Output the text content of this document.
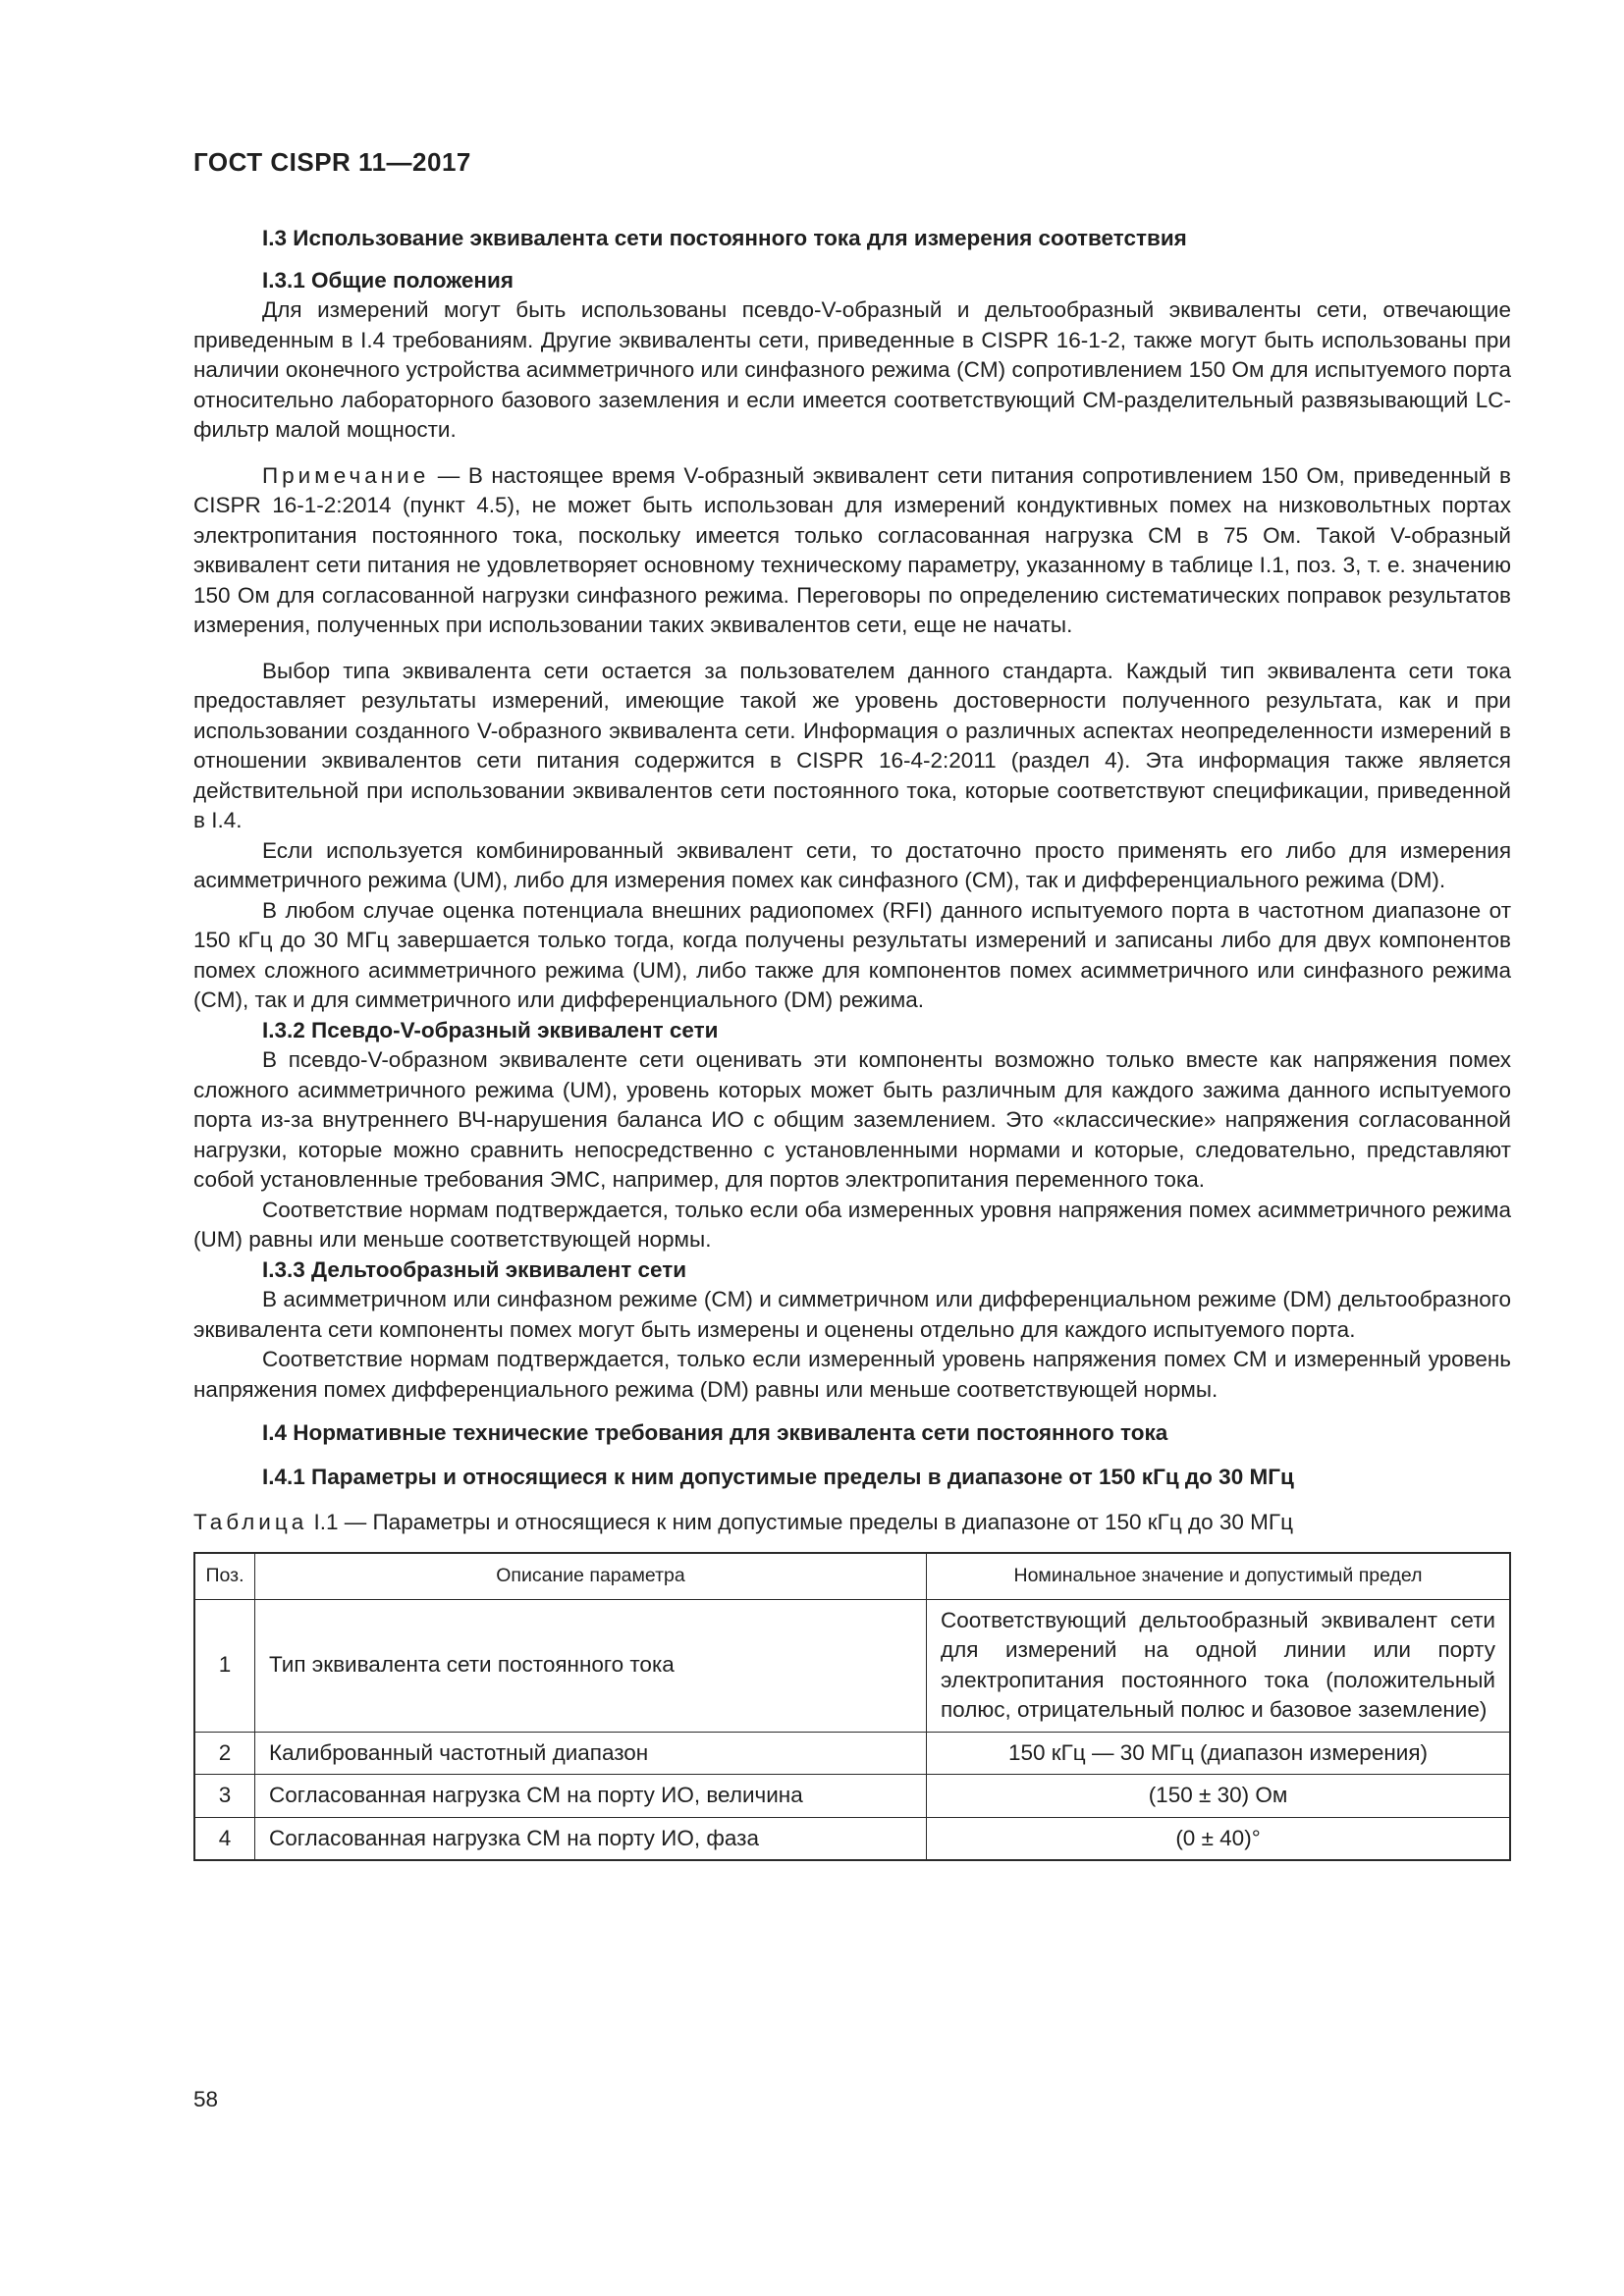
ГОСТ CISPR 11—2017
I.3 Использование эквивалента сети постоянного тока для измерения соответствия
I.3.1 Общие положения

Для измерений могут быть использованы псевдо-V-образный и дельтообразный эквиваленты сети, отвечающие приведенным в I.4 требованиям. Другие эквиваленты сети, приведенные в CISPR 16-1-2, также могут быть использованы при наличии оконечного устройства асимметричного или синфазного режима (CM) сопротивлением 150 Ом для испытуемого порта относительно лабораторного базового заземления и если имеется соответствующий СМ-разделительный развязывающий LC-фильтр малой мощности.

Примечание — В настоящее время V-образный эквивалент сети питания сопротивлением 150 Ом, приведенный в CISPR 16-1-2:2014 (пункт 4.5), не может быть использован для измерений кондуктивных помех на низковольтных портах электропитания постоянного тока, поскольку имеется только согласованная нагрузка СМ в 75 Ом. Такой V-образный эквивалент сети питания не удовлетворяет основному техническому параметру, указанному в таблице I.1, поз. 3, т. е. значению 150 Ом для согласованной нагрузки синфазного режима. Переговоры по определению систематических поправок результатов измерения, полученных при использовании таких эквивалентов сети, еще не начаты.

Выбор типа эквивалента сети остается за пользователем данного стандарта. Каждый тип эквивалента сети тока предоставляет результаты измерений, имеющие такой же уровень достоверности полученного результата, как и при использовании созданного V-образного эквивалента сети. Информация о различных аспектах неопределенности измерений в отношении эквивалентов сети питания содержится в CISPR 16-4-2:2011 (раздел 4). Эта информация также является действительной при использовании эквивалентов сети постоянного тока, которые соответствуют спецификации, приведенной в I.4.

Если используется комбинированный эквивалент сети, то достаточно просто применять его либо для измерения асимметричного режима (UM), либо для измерения помех как синфазного (CM), так и дифференциального режима (DM).

В любом случае оценка потенциала внешних радиопомех (RFI) данного испытуемого порта в частотном диапазоне от 150 кГц до 30 МГц завершается только тогда, когда получены результаты измерений и записаны либо для двух компонентов помех сложного асимметричного режима (UM), либо также для компонентов помех асимметричного или синфазного режима (CM), так и для симметричного или дифференциального (DM) режима.

I.3.2 Псевдо-V-образный эквивалент сети

В псевдо-V-образном эквиваленте сети оценивать эти компоненты возможно только вместе как напряжения помех сложного асимметричного режима (UM), уровень которых может быть различным для каждого зажима данного испытуемого порта из-за внутреннего ВЧ-нарушения баланса ИО с общим заземлением. Это «классические» напряжения согласованной нагрузки, которые можно сравнить непосредственно с установленными нормами и которые, следовательно, представляют собой установленные требования ЭМС, например, для портов электропитания переменного тока.

Соответствие нормам подтверждается, только если оба измеренных уровня напряжения помех асимметричного режима (UM) равны или меньше соответствующей нормы.

I.3.3 Дельтообразный эквивалент сети

В асимметричном или синфазном режиме (CM) и симметричном или дифференциальном режиме (DM) дельтообразного эквивалента сети компоненты помех могут быть измерены и оценены отдельно для каждого испытуемого порта.

Соответствие нормам подтверждается, только если измеренный уровень напряжения помех СМ и измеренный уровень напряжения помех дифференциального режима (DM) равны или меньше соответствующей нормы.

I.4 Нормативные технические требования для эквивалента сети постоянного тока
I.4.1 Параметры и относящиеся к ним допустимые пределы в диапазоне от 150 кГц до 30 МГц

Таблица I.1 — Параметры и относящиеся к ним допустимые пределы в диапазоне от 150 кГц до 30 МГц

Поз.	Описание параметра	Номинальное значение и допустимый предел
1	Тип эквивалента сети постоянного тока	Соответствующий дельтообразный эквивалент сети для измерений на одной линии или порту электропитания постоянного тока (положительный полюс, отрицательный полюс и базовое заземление)
2	Калиброванный частотный диапазон	150 кГц — 30 МГц (диапазон измерения)
3	Согласованная нагрузка СМ на порту ИО, величина	(150 ± 30) Ом
4	Согласованная нагрузка СМ на порту ИО, фаза	(0 ± 40)°
58
